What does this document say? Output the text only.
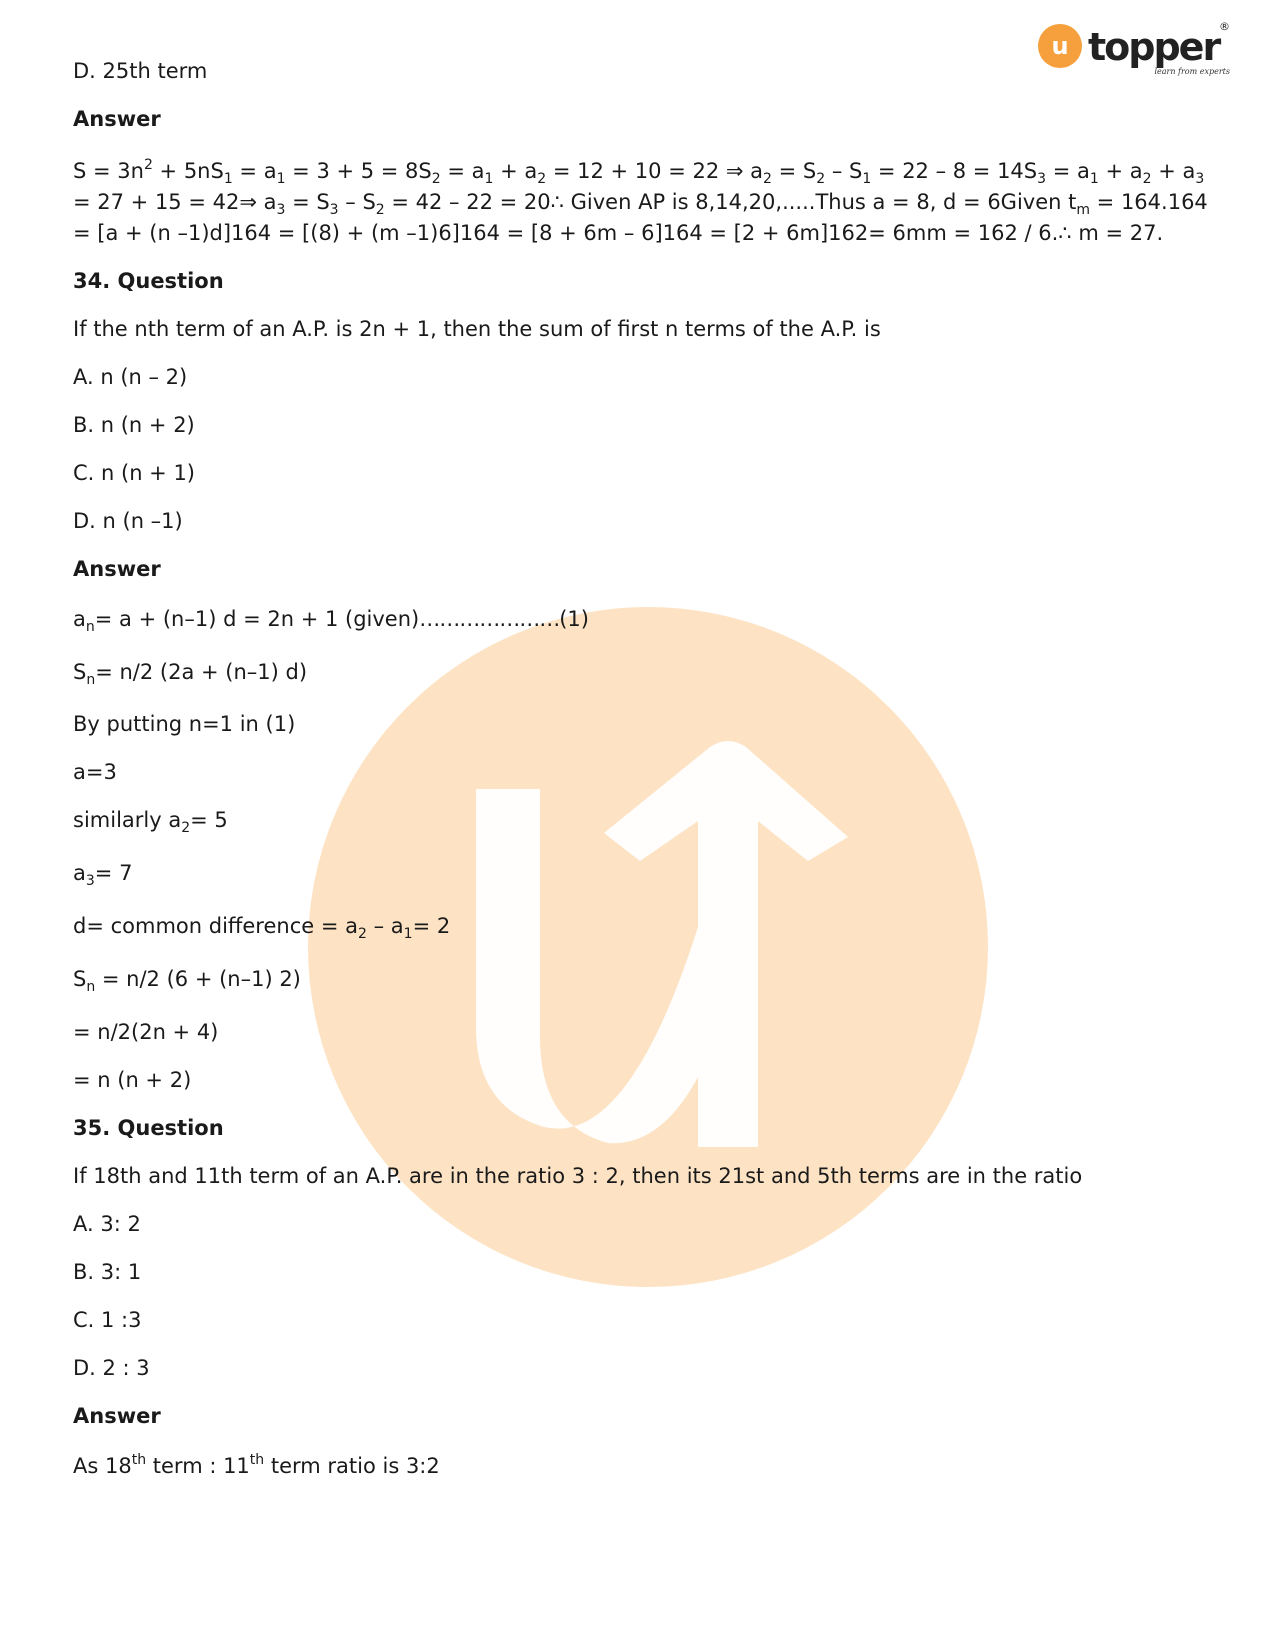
u topper ®
learn from experts

D. 25th term

Answer

$S = 3n^2 + 5nS_1 = a_1 = 3 + 5 = 8S_2 = a_1 + a_2 = 12 + 10 = 22$ ⇒ $a_2 = S_2 - S_1 = 22 - 8 = 14S_3 = a_1 + a_2 + a_3 = 27 + 15$ = 42⇒ $a_3 = S_3 - S_2 = 42 - 22$ = 20∴ Given AP is 8,14,20,.....Thus a = 8, d = 6Given $t_m = 164.164 = [a + (n$ –1)d]164 = [(8) + (m –1)6]164 = [8 + 6m – 6]164 = [2 + 6m]162= 6mm = 162 / 6.∴ m = 27.

34. Question

If the nth term of an A.P. is 2n + 1, then the sum of first n terms of the A.P. is

A. n (n – 2)

B. n (n + 2)

C. n (n + 1)

D. n (n –1)

Answer

$a_n= a + (n-1) d = 2n + 1$ (given)…………………(1)

$S_n= n/2$ (2a + (n–1) d)

By putting n=1 in (1)

a=3

similarly $a_2= 5$

$a_3= 7$

d= common difference = $a_2 - a_1= 2$

$S_n = n/2$ (6 + (n–1) 2)

= n/2(2n + 4)

= n (n + 2)

35. Question

If 18th and 11th term of an A.P. are in the ratio 3 : 2, then its 21st and 5th terms are in the ratio

A. 3: 2

B. 3: 1

C. 1 :3

D. 2 : 3

Answer

As 18th term : 11th term ratio is 3:2
